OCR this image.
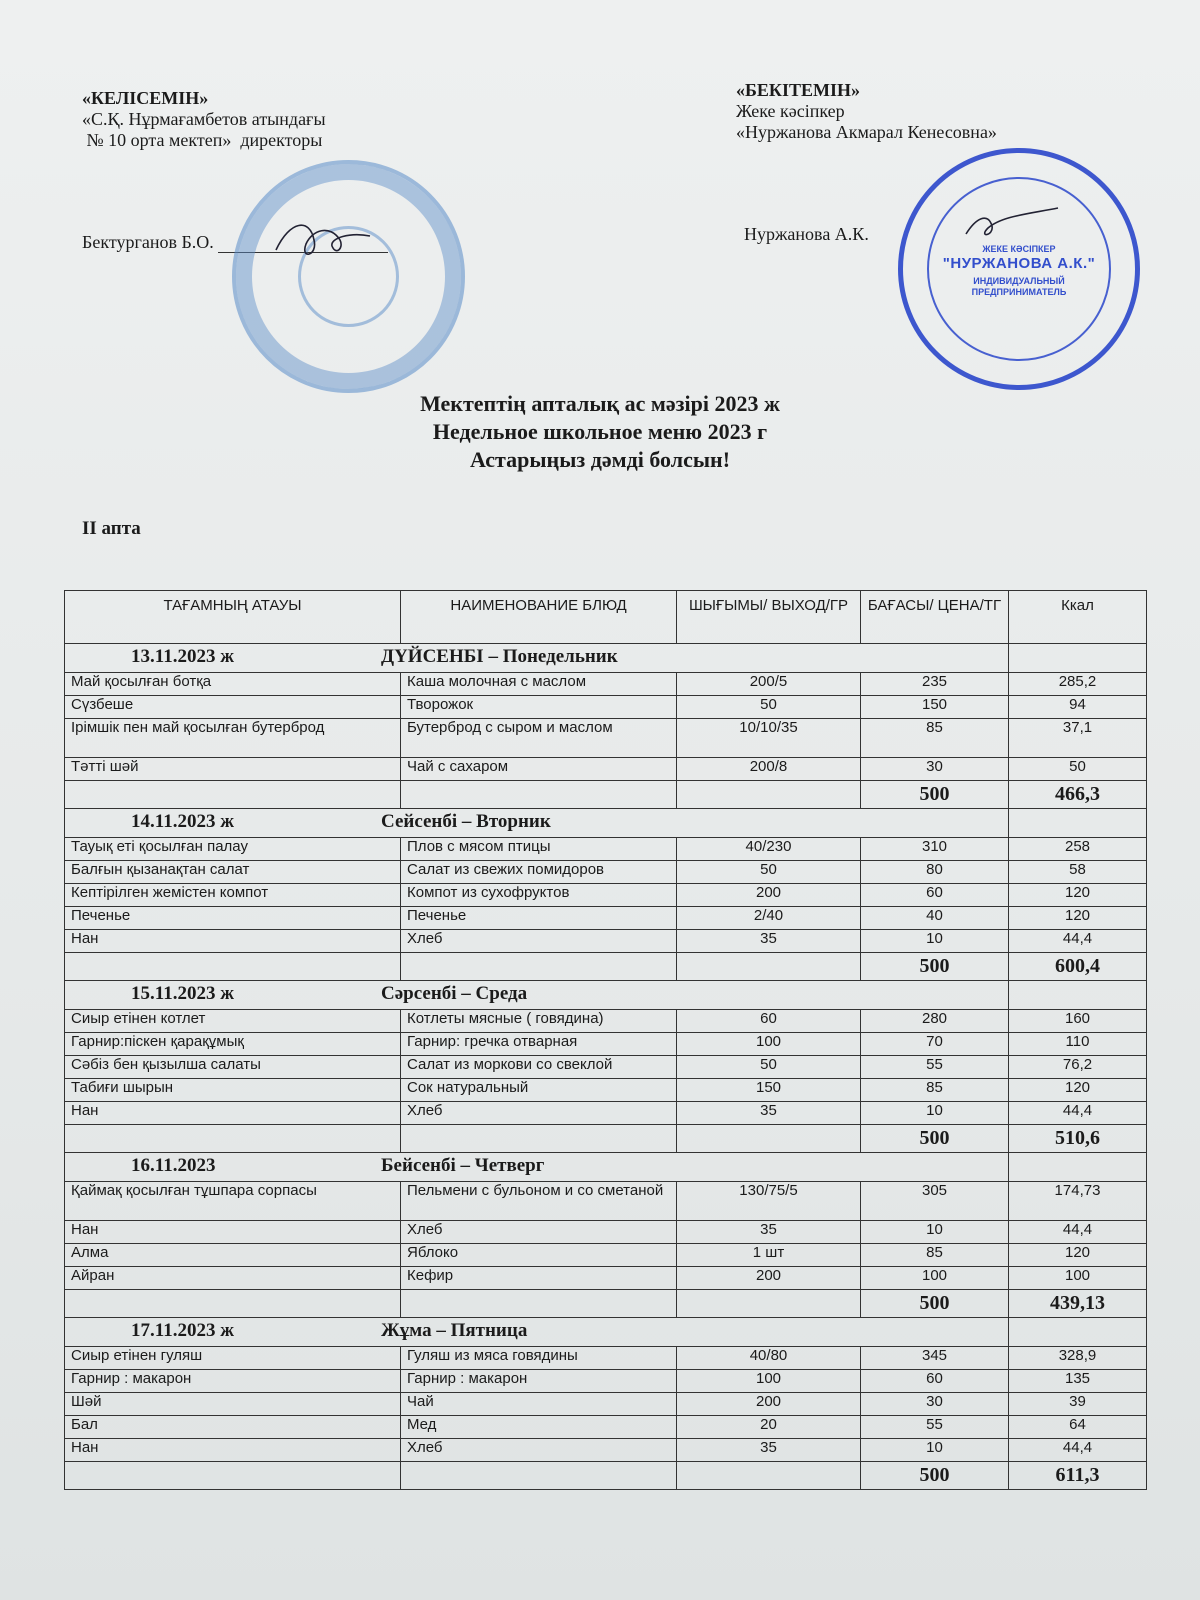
«КЕЛІСЕМІН»
«С.Қ. Нұрмағамбетов атындағы
№ 10 орта мектеп»  директоры
Бектурганов Б.О.
«БЕКІТЕМІН»
Жеке кәсіпкер
«Нуржанова Акмарал Кенесовна»
Нуржанова А.К.
ЖЕКЕ КӘСІПКЕР
"НУРЖАНОВА А.К."
ИНДИВИДУАЛЬНЫЙ ПРЕДПРИНИМАТЕЛЬ
Мектептің апталық ас мәзірі 2023 ж
Недельное школьное меню 2023 г
Астарыңыз дәмді болсын!
II апта
ТАҒАМНЫҢ АТАУЫ	НАИМЕНОВАНИЕ БЛЮД	ШЫҒЫМЫ/ ВЫХОД/ГР	БАҒАСЫ/ ЦЕНА/ТГ	Ккал
13.11.2023 ж ДҮЙСЕНБІ – Понедельник				
Май қосылған ботқа	Каша молочная с маслом	200/5	235	285,2
Сүзбеше	Творожок	50	150	94
Ірімшік пен май қосылған бутерброд	Бутерброд с сыром и маслом	10/10/35	85	37,1
Тәтті шәй	Чай с сахаром	200/8	30	50
			500	466,3
14.11.2023 ж Сейсенбі – Вторник				
Тауық еті қосылған палау	Плов с мясом птицы	40/230	310	258
Балғын қызанақтан салат	Салат из свежих помидоров	50	80	58
Кептірілген жемістен компот	Компот из сухофруктов	200	60	120
Печенье	Печенье	2/40	40	120
Нан	Хлеб	35	10	44,4
			500	600,4
15.11.2023 ж Сәрсенбі – Среда				
Сиыр етінен котлет	Котлеты мясные ( говядина)	60	280	160
Гарнир:піскен қарақұмық	Гарнир: гречка отварная	100	70	110
Сәбіз бен қызылша салаты	Салат из моркови со свеклой	50	55	76,2
Табиғи шырын	Сок натуральный	150	85	120
Нан	Хлеб	35	10	44,4
			500	510,6
16.11.2023 Бейсенбі – Четверг				
Қаймақ қосылған тұшпара сорпасы	Пельмени с бульоном и со сметаной	130/75/5	305	174,73
Нан	Хлеб	35	10	44,4
Алма	Яблоко	1 шт	85	120
Айран	Кефир	200	100	100
			500	439,13
17.11.2023 ж Жұма – Пятница				
Сиыр етінен гуляш	Гуляш из мяса говядины	40/80	345	328,9
Гарнир : макарон	Гарнир : макарон	100	60	135
Шәй	Чай	200	30	39
Бал	Мед	20	55	64
Нан	Хлеб	35	10	44,4
			500	611,3
